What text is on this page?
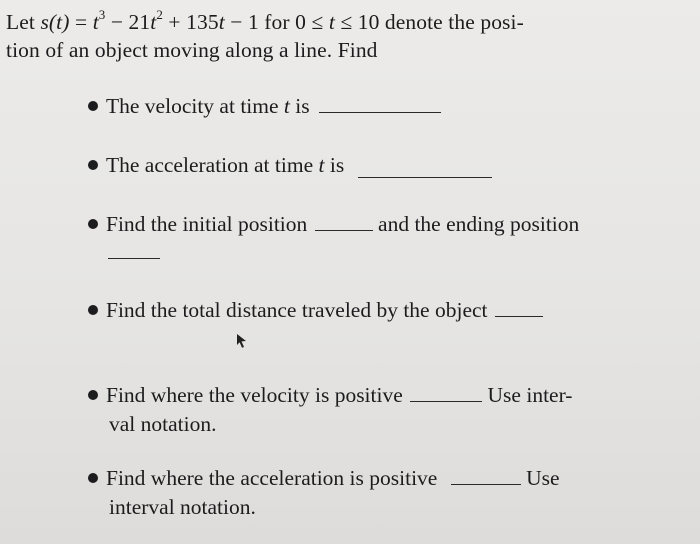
Let $s(t) = t^3 - 21t^2 + 135t - 1$ for 0 ≤ t ≤ 10 denote the posi-
tion of an object moving along a line. Find
The velocity at time t is
The acceleration at time t is
Find the initial position	and the ending position
Find the total distance traveled by the object
Find where the velocity is positive	Use inter-
val notation.
Find where the acceleration is positive	Use
interval notation.
